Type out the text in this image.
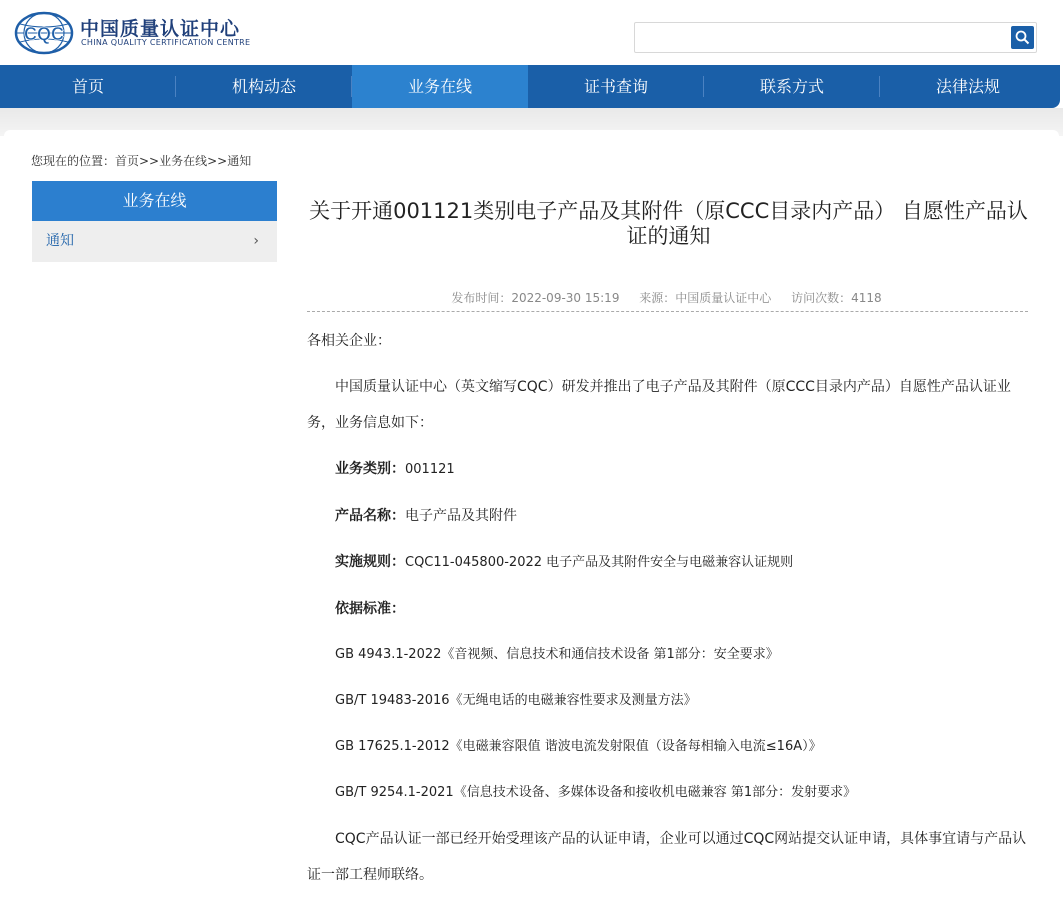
CQC 中国质量认证中心
CHINA QUALITY CERTIFICATION CENTRE
首页	机构动态	业务在线	证书查询	联系方式	法律法规
您现在的位置：首页>>业务在线>>通知
业务在线
通知	›
关于开通001121类别电子产品及其附件（原CCC目录内产品） 自愿性产品认证的通知
发布时间：2022-09-30 15:19 来源：中国质量认证中心 访问次数：4118

各相关企业：

中国质量认证中心（英文缩写CQC）研发并推出了电子产品及其附件（原CCC目录内产品）自愿性产品认证业务，业务信息如下：

业务类别：001121

产品名称：电子产品及其附件

实施规则：CQC11-045800-2022 电子产品及其附件安全与电磁兼容认证规则

依据标准：

GB 4943.1-2022《音视频、信息技术和通信技术设备 第1部分：安全要求》

GB/T 19483-2016《无绳电话的电磁兼容性要求及测量方法》

GB 17625.1-2012《电磁兼容限值 谐波电流发射限值（设备每相输入电流≤16A）》

GB/T 9254.1-2021《信息技术设备、多媒体设备和接收机电磁兼容 第1部分：发射要求》

CQC产品认证一部已经开始受理该产品的认证申请，企业可以通过CQC网站提交认证申请，具体事宜请与产品认证一部工程师联络。
